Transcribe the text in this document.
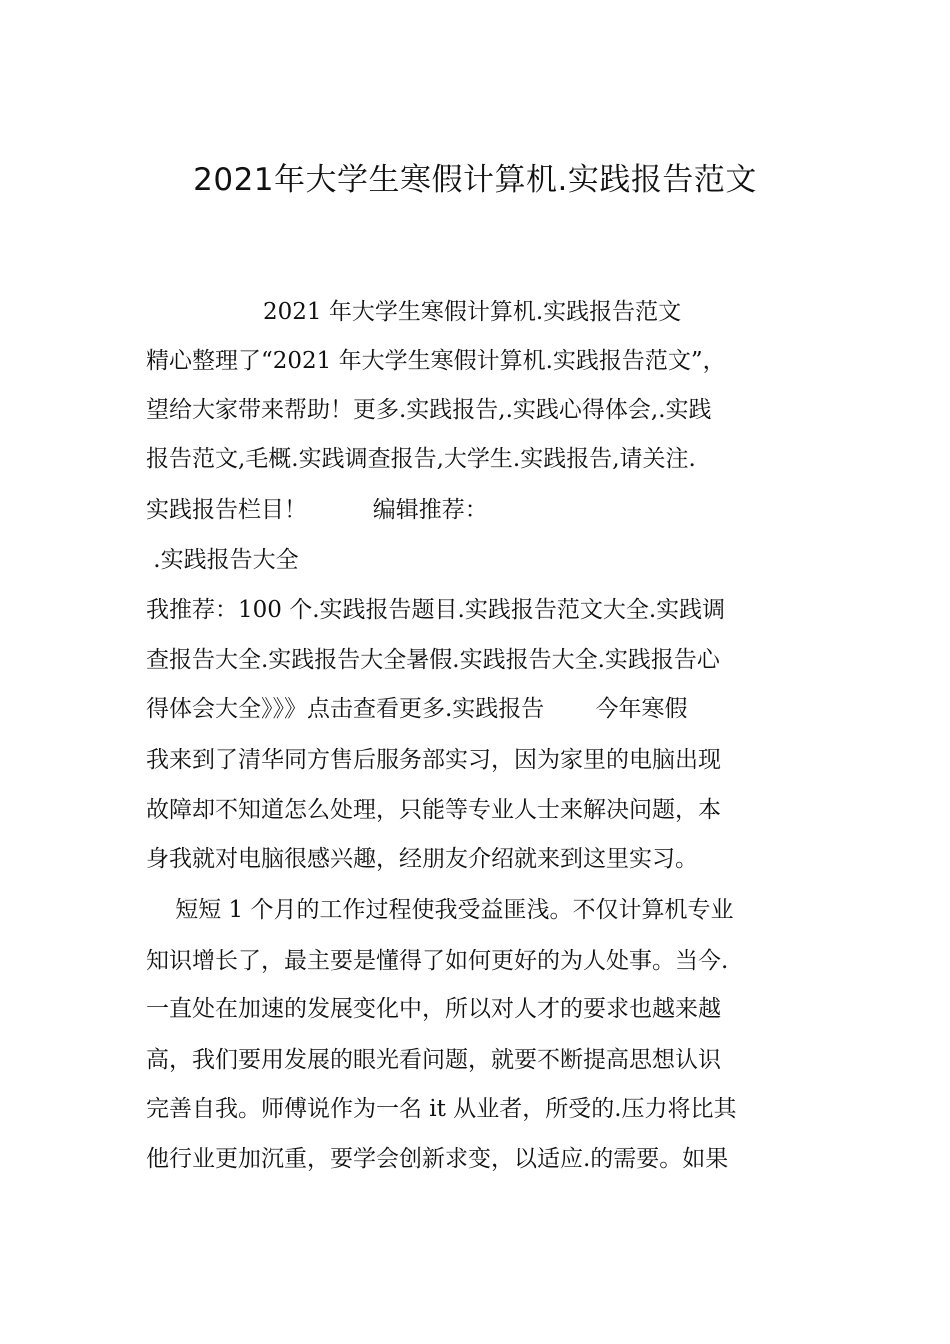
2021年大学生寒假计算机.实践报告范文
2021 年大学生寒假计算机.实践报告范文
精心整理了“2021 年大学生寒假计算机.实践报告范文”，
望给大家带来帮助！更多.实践报告,.实践心得体会,.实践
报告范文,毛概.实践调查报告,大学生.实践报告,请关注.
实践报告栏目！         编辑推荐：
.实践报告大全
我推荐：100 个.实践报告题目.实践报告范文大全.实践调
查报告大全.实践报告大全暑假.实践报告大全.实践报告心
得体会大全》》》点击查看更多.实践报告       今年寒假
我来到了清华同方售后服务部实习，因为家里的电脑出现
故障却不知道怎么处理，只能等专业人士来解决问题，本
身我就对电脑很感兴趣，经朋友介绍就来到这里实习。
短短 1 个月的工作过程使我受益匪浅。不仅计算机专业
知识增长了，最主要是懂得了如何更好的为人处事。当今.
一直处在加速的发展变化中，所以对人才的要求也越来越
高，我们要用发展的眼光看问题，就要不断提高思想认识
完善自我。师傅说作为一名 it 从业者，所受的.压力将比其
他行业更加沉重，要学会创新求变，以适应.的需要。如果
